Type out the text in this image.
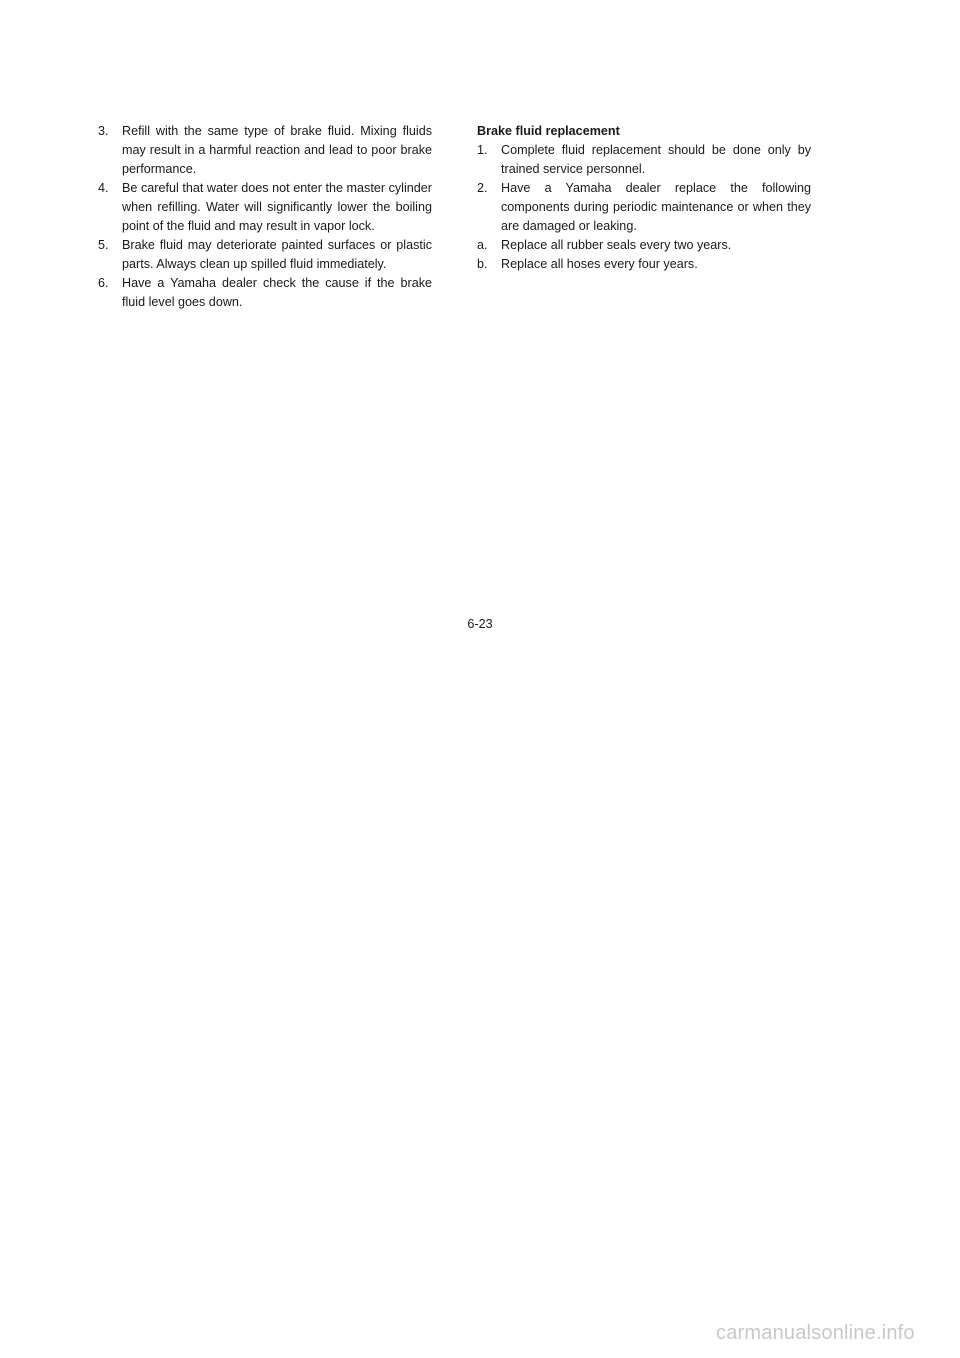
3.	Refill with the same type of brake fluid. Mixing fluids may result in a harmful reaction and lead to poor brake performance.
4.	Be careful that water does not enter the master cylinder when refilling. Water will significantly lower the boiling point of the fluid and may result in vapor lock.
5.	Brake fluid may deteriorate painted surfaces or plastic parts. Always clean up spilled fluid immediately.
6.	Have a Yamaha dealer check the cause if the brake fluid level goes down.

Brake fluid replacement

1.	Complete fluid replacement should be done only by trained service personnel.
2.	Have a Yamaha dealer replace the following components during periodic maintenance or when they are damaged or leaking.
a.	Replace all rubber seals every two years.
b.	Replace all hoses every four years.
6-23
carmanualsonline.info
